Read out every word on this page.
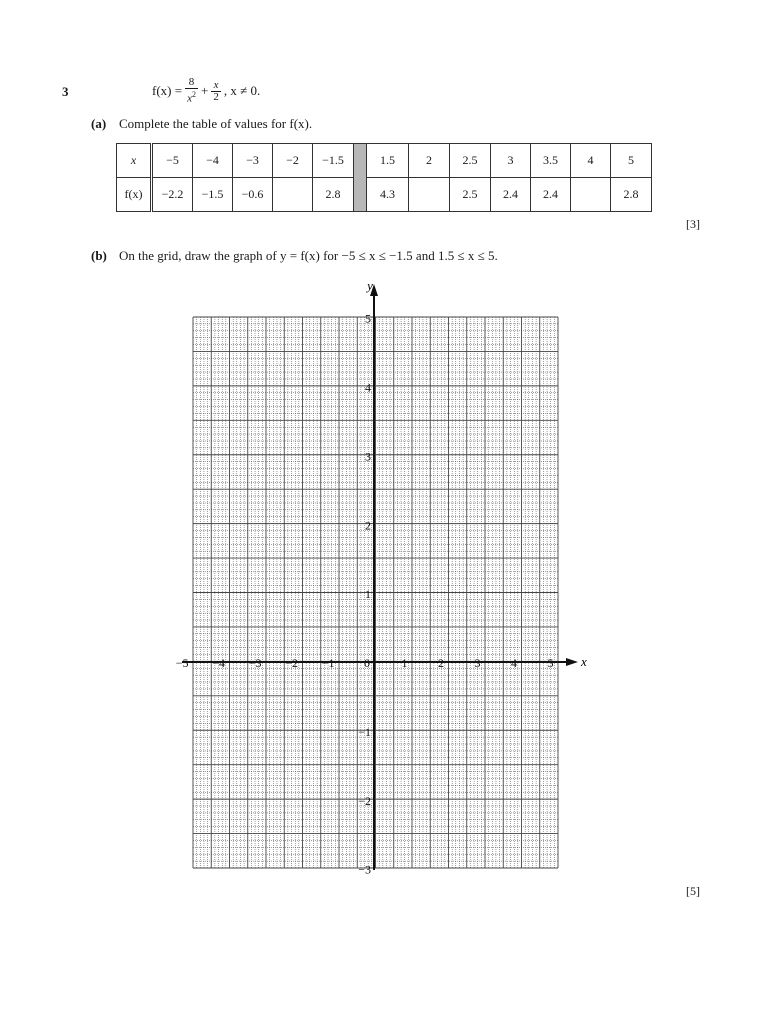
3	$f(x) = \frac{8}{x^2} + \frac{x}{2}$ , x ≠ 0.
(a) Complete the table of values for f(x).
x	−5	−4	−3	−2	−1.5		1.5	2	2.5	3	3.5	4	5
f(x)	−2.2	−1.5	−0.6		2.8		4.3		2.5	2.4	2.4		2.8
[3]
(b) On the grid, draw the graph of y = f(x) for −5 ≤ x ≤ −1.5 and 1.5 ≤ x ≤ 5.
x
y
−5 −4 −3 −2 −1 0	1	2	3	4	5
5
4
3
2
1
−1
−2
−3
[5]
